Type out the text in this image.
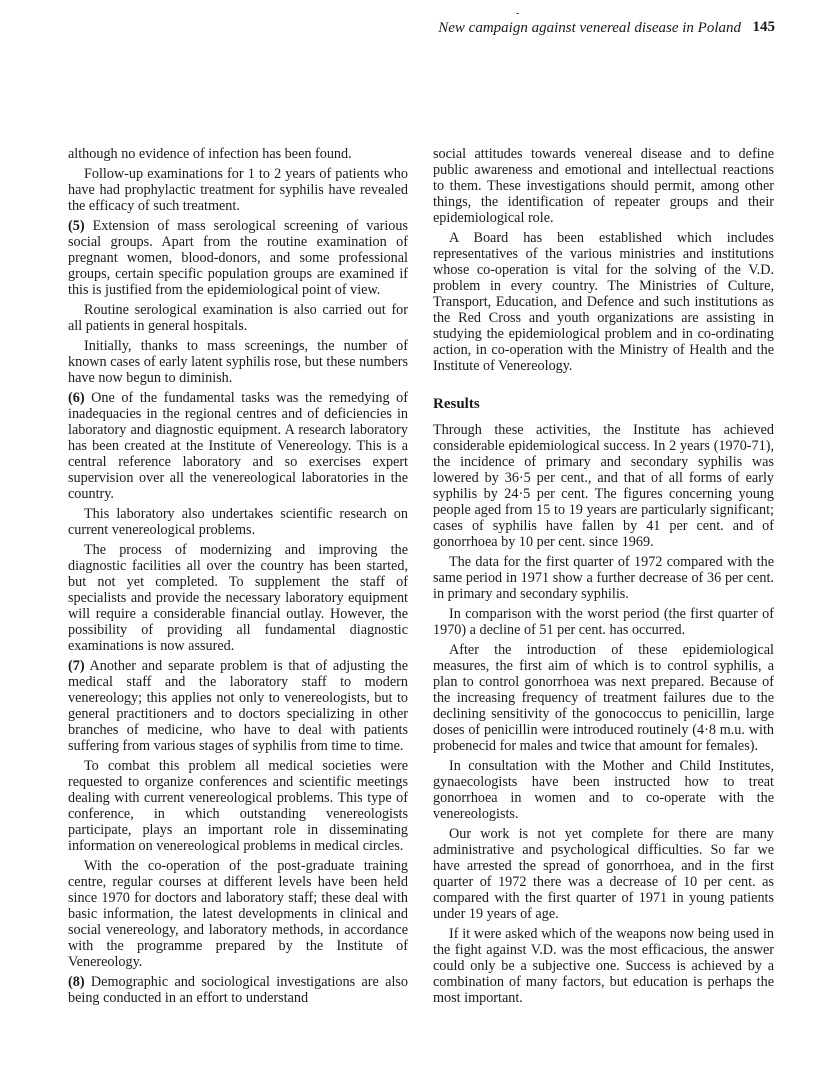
-
New campaign against venereal disease in Poland 145

although no evidence of infection has been found.

Follow-up examinations for 1 to 2 years of patients who have had prophylactic treatment for syphilis have revealed the efficacy of such treatment.

(5) Extension of mass serological screening of various social groups. Apart from the routine examination of pregnant women, blood-donors, and some professional groups, certain specific population groups are examined if this is justified from the epidemiological point of view.

Routine serological examination is also carried out for all patients in general hospitals.

Initially, thanks to mass screenings, the number of known cases of early latent syphilis rose, but these numbers have now begun to diminish.

(6) One of the fundamental tasks was the remedying of inadequacies in the regional centres and of deficiencies in laboratory and diagnostic equipment. A research laboratory has been created at the Institute of Venereology. This is a central reference laboratory and so exercises expert supervision over all the venereological laboratories in the country.

This laboratory also undertakes scientific research on current venereological problems.

The process of modernizing and improving the diagnostic facilities all over the country has been started, but not yet completed. To supplement the staff of specialists and provide the necessary laboratory equipment will require a considerable financial outlay. However, the possibility of providing all fundamental diagnostic examinations is now assured.

(7) Another and separate problem is that of adjusting the medical staff and the laboratory staff to modern venereology; this applies not only to venereologists, but to general practitioners and to doctors specializing in other branches of medicine, who have to deal with patients suffering from various stages of syphilis from time to time.

To combat this problem all medical societies were requested to organize conferences and scientific meetings dealing with current venereological problems. This type of conference, in which outstanding venereologists participate, plays an important role in disseminating information on venereological problems in medical circles.

With the co-operation of the post-graduate training centre, regular courses at different levels have been held since 1970 for doctors and laboratory staff; these deal with basic information, the latest developments in clinical and social venereology, and laboratory methods, in accordance with the programme prepared by the Institute of Venereology.

(8) Demographic and sociological investigations are also being conducted in an effort to understand

social attitudes towards venereal disease and to define public awareness and emotional and intellectual reactions to them. These investigations should permit, among other things, the identification of repeater groups and their epidemiological role.

A Board has been established which includes representatives of the various ministries and institutions whose co-operation is vital for the solving of the V.D. problem in every country. The Ministries of Culture, Transport, Education, and Defence and such institutions as the Red Cross and youth organizations are assisting in studying the epidemiological problem and in co-ordinating action, in co-operation with the Ministry of Health and the Institute of Venereology.

Results

Through these activities, the Institute has achieved considerable epidemiological success. In 2 years (1970-71), the incidence of primary and secondary syphilis was lowered by 36·5 per cent., and that of all forms of early syphilis by 24·5 per cent. The figures concerning young people aged from 15 to 19 years are particularly significant; cases of syphilis have fallen by 41 per cent. and of gonorrhoea by 10 per cent. since 1969.

The data for the first quarter of 1972 compared with the same period in 1971 show a further decrease of 36 per cent. in primary and secondary syphilis.

In comparison with the worst period (the first quarter of 1970) a decline of 51 per cent. has occurred.

After the introduction of these epidemiological measures, the first aim of which is to control syphilis, a plan to control gonorrhoea was next prepared. Because of the increasing frequency of treatment failures due to the declining sensitivity of the gonococcus to penicillin, large doses of penicillin were introduced routinely (4·8 m.u. with probenecid for males and twice that amount for females).

In consultation with the Mother and Child Institutes, gynaecologists have been instructed how to treat gonorrhoea in women and to co-operate with the venereologists.

Our work is not yet complete for there are many administrative and psychological difficulties. So far we have arrested the spread of gonorrhoea, and in the first quarter of 1972 there was a decrease of 10 per cent. as compared with the first quarter of 1971 in young patients under 19 years of age.

If it were asked which of the weapons now being used in the fight against V.D. was the most efficacious, the answer could only be a subjective one. Success is achieved by a combination of many factors, but education is perhaps the most important.
